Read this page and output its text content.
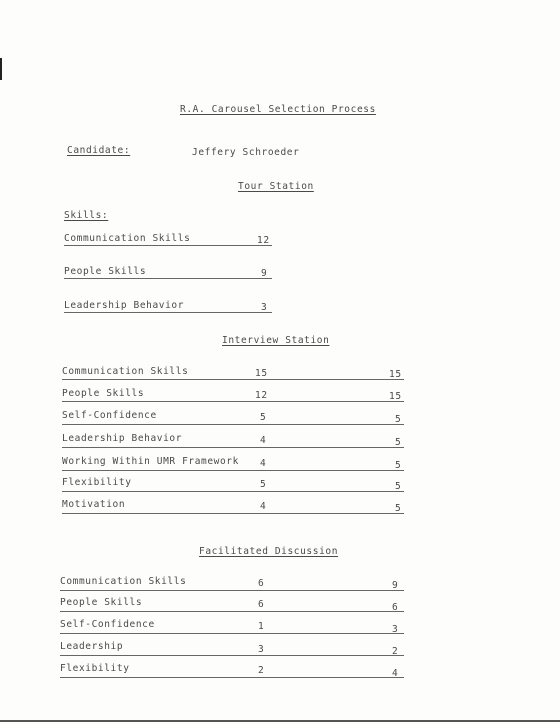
R.A. Carousel Selection Process
Candidate:	Jeffery Schroeder
Tour Station
Skills:
Communication Skills	12
People Skills	9
Leadership Behavior	3
Interview Station
Communication Skills	15	15
People Skills	12	15
Self-Confidence	5	5
Leadership Behavior	4	5
Working Within UMR Framework 4	5
Flexibility	5	5
Motivation	4	5
Facilitated Discussion
Communication Skills	6	9
People Skills	6	6
Self-Confidence	1	3
Leadership	3	2
Flexibility	2	4
